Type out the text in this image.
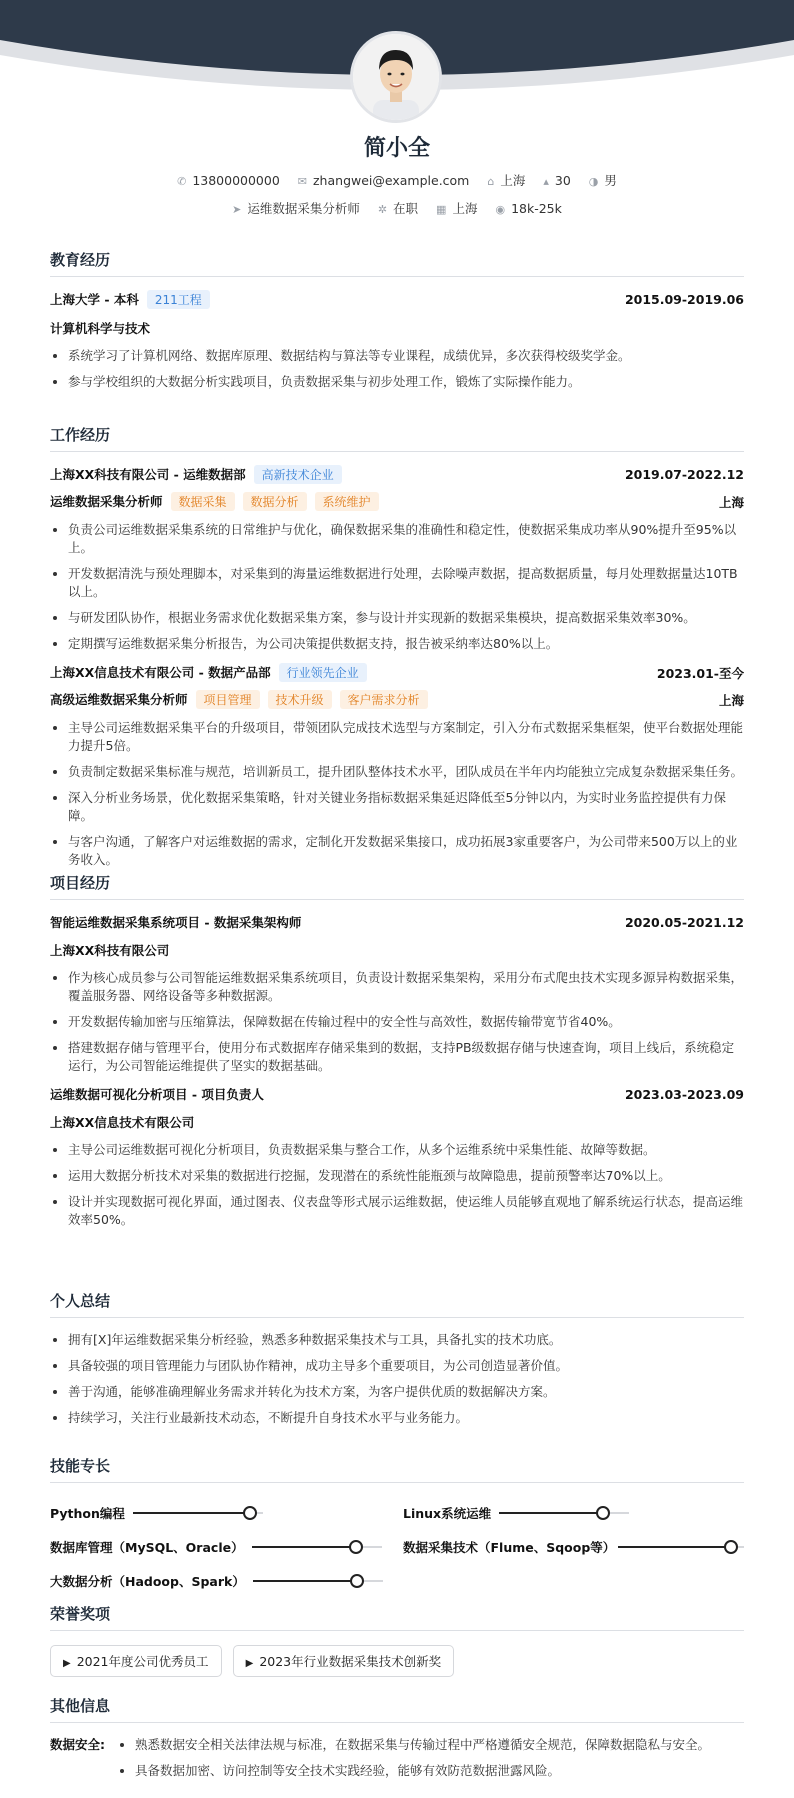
简小全
✆ 13800000000 ✉ zhangwei@example.com ⌂ 上海 ▴ 30 ◑ 男
➤ 运维数据采集分析师 ✲ 在职 ▦ 上海 ◉ 18k-25k
教育经历
上海大学 - 本科 211工程	2015.09-2019.06
计算机科学与技术
• 系统学习了计算机网络、数据库原理、数据结构与算法等专业课程，成绩优异，多次获得校级奖学金。
• 参与学校组织的大数据分析实践项目，负责数据采集与初步处理工作，锻炼了实际操作能力。
工作经历
上海XX科技有限公司 - 运维数据部 高新技术企业	2019.07-2022.12
运维数据采集分析师 数据采集 数据分析 系统维护	上海
• 负责公司运维数据采集系统的日常维护与优化，确保数据采集的准确性和稳定性，使数据采集成功率从90%提升至95%以上。
• 开发数据清洗与预处理脚本，对采集到的海量运维数据进行处理，去除噪声数据，提高数据质量，每月处理数据量达10TB以上。
• 与研发团队协作，根据业务需求优化数据采集方案，参与设计并实现新的数据采集模块，提高数据采集效率30%。
• 定期撰写运维数据采集分析报告，为公司决策提供数据支持，报告被采纳率达80%以上。
上海XX信息技术有限公司 - 数据产品部 行业领先企业	2023.01-至今
高级运维数据采集分析师 项目管理 技术升级 客户需求分析	上海
• 主导公司运维数据采集平台的升级项目，带领团队完成技术选型与方案制定，引入分布式数据采集框架，使平台数据处理能力提升5倍。
• 负责制定数据采集标准与规范，培训新员工，提升团队整体技术水平，团队成员在半年内均能独立完成复杂数据采集任务。
• 深入分析业务场景，优化数据采集策略，针对关键业务指标数据采集延迟降低至5分钟以内，为实时业务监控提供有力保障。
• 与客户沟通，了解客户对运维数据的需求，定制化开发数据采集接口，成功拓展3家重要客户，为公司带来500万以上的业务收入。
项目经历
智能运维数据采集系统项目 - 数据采集架构师	2020.05-2021.12
上海XX科技有限公司
• 作为核心成员参与公司智能运维数据采集系统项目，负责设计数据采集架构，采用分布式爬虫技术实现多源异构数据采集，覆盖服务器、网络设备等多种数据源。
• 开发数据传输加密与压缩算法，保障数据在传输过程中的安全性与高效性，数据传输带宽节省40%。
• 搭建数据存储与管理平台，使用分布式数据库存储采集到的数据，支持PB级数据存储与快速查询，项目上线后，系统稳定运行，为公司智能运维提供了坚实的数据基础。
运维数据可视化分析项目 - 项目负责人	2023.03-2023.09
上海XX信息技术有限公司
• 主导公司运维数据可视化分析项目，负责数据采集与整合工作，从多个运维系统中采集性能、故障等数据。
• 运用大数据分析技术对采集的数据进行挖掘，发现潜在的系统性能瓶颈与故障隐患，提前预警率达70%以上。
• 设计并实现数据可视化界面，通过图表、仪表盘等形式展示运维数据，使运维人员能够直观地了解系统运行状态，提高运维效率50%。
个人总结
• 拥有[X]年运维数据采集分析经验，熟悉多种数据采集技术与工具，具备扎实的技术功底。
• 具备较强的项目管理能力与团队协作精神，成功主导多个重要项目，为公司创造显著价值。
• 善于沟通，能够准确理解业务需求并转化为技术方案，为客户提供优质的数据解决方案。
• 持续学习，关注行业最新技术动态，不断提升自身技术水平与业务能力。
技能专长
Python编程	Linux系统运维
数据库管理（MySQL、Oracle）	数据采集技术（Flume、Sqoop等）
大数据分析（Hadoop、Spark）
荣誉奖项
▶ 2021年度公司优秀员工	▶ 2023年行业数据采集技术创新奖
其他信息
数据安全:
• 熟悉数据安全相关法律法规与标准，在数据采集与传输过程中严格遵循安全规范，保障数据隐私与安全。
• 具备数据加密、访问控制等安全技术实践经验，能够有效防范数据泄露风险。
